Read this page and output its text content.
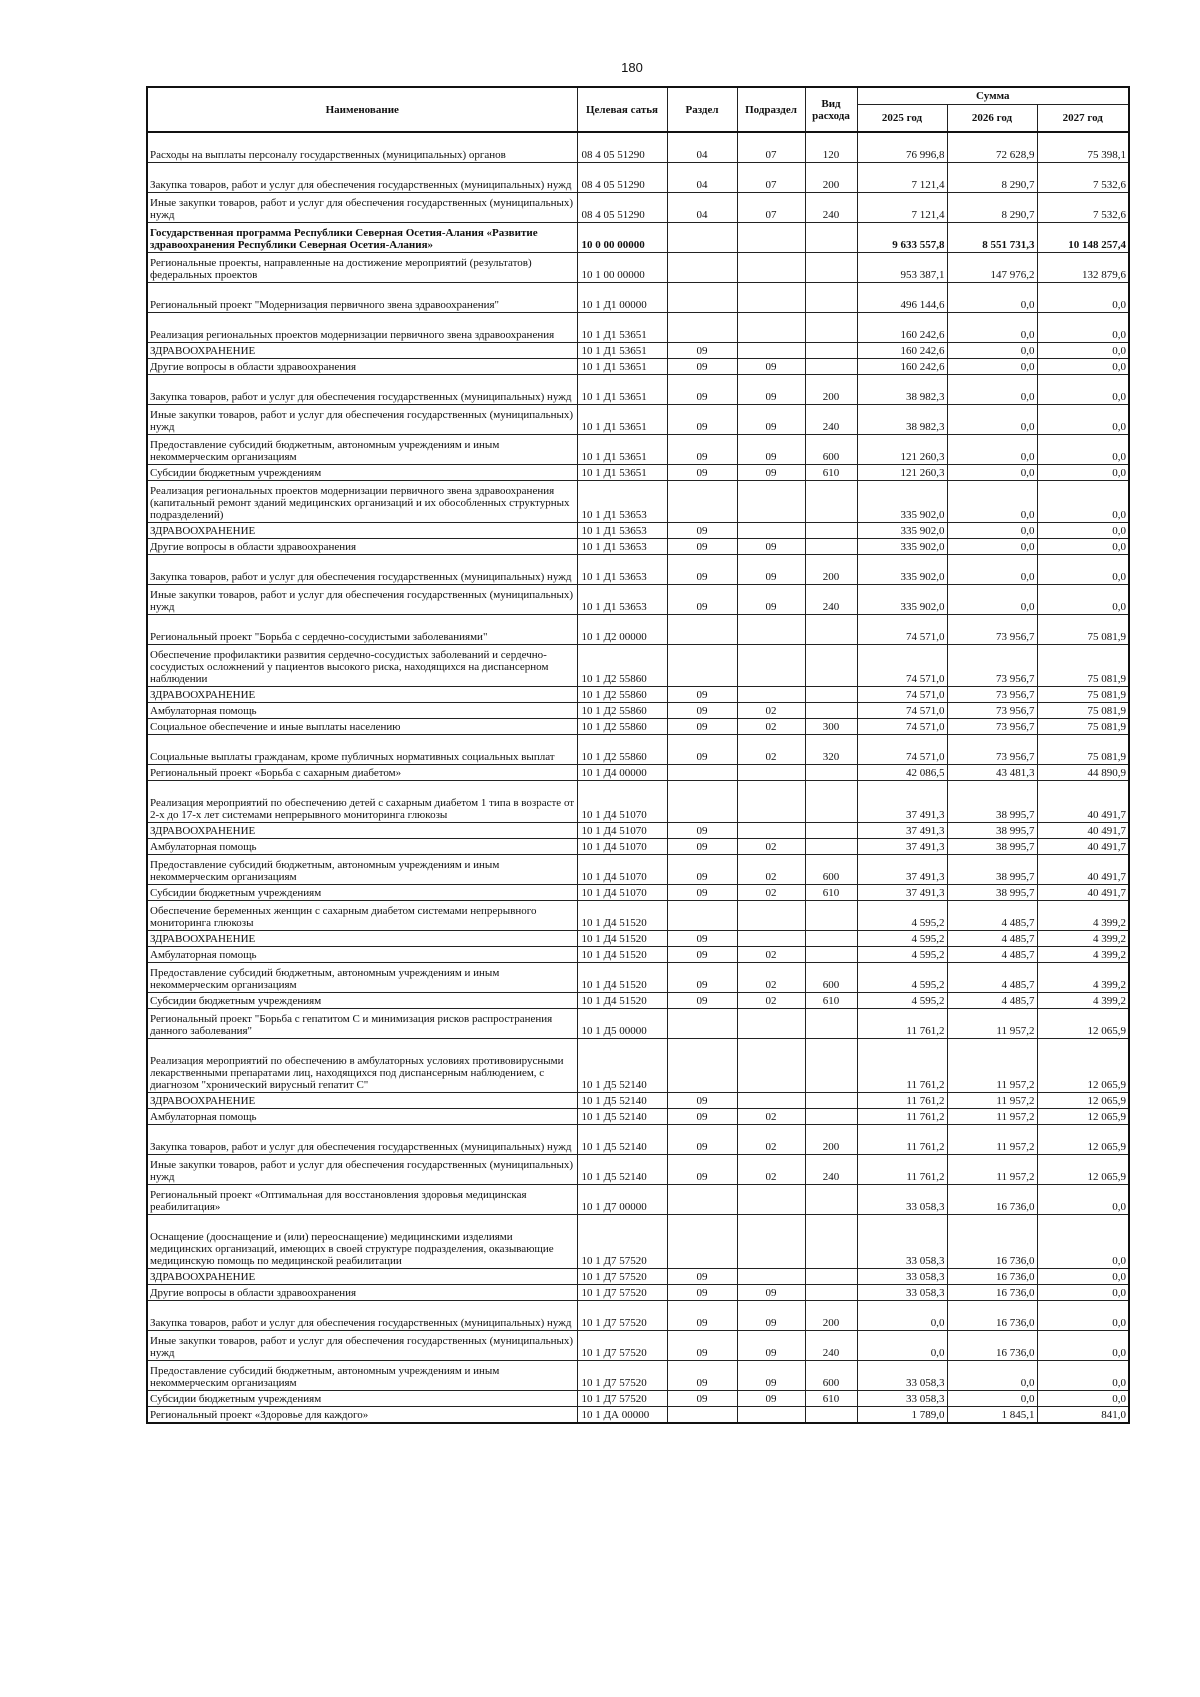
180
Наименование	Целевая сатья	Раздел	Подраздел	Вид расхода	Сумма		
					2025 год	2026 год	2027 год
Расходы на выплаты персоналу государственных (муниципальных) органов	08 4 05 51290	04	07	120	76 996,8	72 628,9	75 398,1
Закупка товаров, работ и услуг для обеспечения государственных (муниципальных) нужд	08 4 05 51290	04	07	200	7 121,4	8 290,7	7 532,6
Иные закупки товаров, работ и услуг для обеспечения государственных (муниципальных) нужд	08 4 05 51290	04	07	240	7 121,4	8 290,7	7 532,6
Государственная программа Республики Северная Осетия-Алания «Развитие здравоохранения Республики Северная Осетия-Алания»	10 0 00 00000				9 633 557,8	8 551 731,3	10 148 257,4
Региональные проекты, направленные на достижение мероприятий (результатов) федеральных проектов	10 1 00 00000				953 387,1	147 976,2	132 879,6
Региональный проект "Модернизация первичного звена здравоохранения"	10 1 Д1 00000				496 144,6	0,0	0,0
Реализация региональных проектов модернизации первичного звена здравоохранения	10 1 Д1 53651				160 242,6	0,0	0,0
ЗДРАВООХРАНЕНИЕ	10 1 Д1 53651	09			160 242,6	0,0	0,0
Другие вопросы в области здравоохранения	10 1 Д1 53651	09	09		160 242,6	0,0	0,0
Закупка товаров, работ и услуг для обеспечения государственных (муниципальных) нужд	10 1 Д1 53651	09	09	200	38 982,3	0,0	0,0
Иные закупки товаров, работ и услуг для обеспечения государственных (муниципальных) нужд	10 1 Д1 53651	09	09	240	38 982,3	0,0	0,0
Предоставление субсидий бюджетным, автономным учреждениям и иным некоммерческим организациям	10 1 Д1 53651	09	09	600	121 260,3	0,0	0,0
Субсидии бюджетным учреждениям	10 1 Д1 53651	09	09	610	121 260,3	0,0	0,0
Реализация региональных проектов модернизации первичного звена здравоохранения (капитальный ремонт зданий медицинских организаций и их обособленных структурных подразделений)	10 1 Д1 53653				335 902,0	0,0	0,0
ЗДРАВООХРАНЕНИЕ	10 1 Д1 53653	09			335 902,0	0,0	0,0
Другие вопросы в области здравоохранения	10 1 Д1 53653	09	09		335 902,0	0,0	0,0
Закупка товаров, работ и услуг для обеспечения государственных (муниципальных) нужд	10 1 Д1 53653	09	09	200	335 902,0	0,0	0,0
Иные закупки товаров, работ и услуг для обеспечения государственных (муниципальных) нужд	10 1 Д1 53653	09	09	240	335 902,0	0,0	0,0
Региональный проект "Борьба с сердечно-сосудистыми заболеваниями"	10 1 Д2 00000				74 571,0	73 956,7	75 081,9
Обеспечение профилактики развития сердечно-сосудистых заболеваний и сердечно-сосудистых осложнений у пациентов высокого риска, находящихся на диспансерном наблюдении	10 1 Д2 55860				74 571,0	73 956,7	75 081,9
ЗДРАВООХРАНЕНИЕ	10 1 Д2 55860	09			74 571,0	73 956,7	75 081,9
Амбулаторная помощь	10 1 Д2 55860	09	02		74 571,0	73 956,7	75 081,9
Социальное обеспечение и иные выплаты населению	10 1 Д2 55860	09	02	300	74 571,0	73 956,7	75 081,9
Социальные выплаты гражданам, кроме публичных нормативных социальных выплат	10 1 Д2 55860	09	02	320	74 571,0	73 956,7	75 081,9
Региональный проект «Борьба с сахарным диабетом»	10 1 Д4 00000				42 086,5	43 481,3	44 890,9
Реализация мероприятий по обеспечению детей с сахарным диабетом 1 типа в возрасте от 2-х до 17-х лет системами непрерывного мониторинга глюкозы	10 1 Д4 51070				37 491,3	38 995,7	40 491,7
ЗДРАВООХРАНЕНИЕ	10 1 Д4 51070	09			37 491,3	38 995,7	40 491,7
Амбулаторная помощь	10 1 Д4 51070	09	02		37 491,3	38 995,7	40 491,7
Предоставление субсидий бюджетным, автономным учреждениям и иным некоммерческим организациям	10 1 Д4 51070	09	02	600	37 491,3	38 995,7	40 491,7
Субсидии бюджетным учреждениям	10 1 Д4 51070	09	02	610	37 491,3	38 995,7	40 491,7
Обеспечение беременных женщин с сахарным диабетом системами непрерывного мониторинга глюкозы	10 1 Д4 51520				4 595,2	4 485,7	4 399,2
ЗДРАВООХРАНЕНИЕ	10 1 Д4 51520	09			4 595,2	4 485,7	4 399,2
Амбулаторная помощь	10 1 Д4 51520	09	02		4 595,2	4 485,7	4 399,2
Предоставление субсидий бюджетным, автономным учреждениям и иным некоммерческим организациям	10 1 Д4 51520	09	02	600	4 595,2	4 485,7	4 399,2
Субсидии бюджетным учреждениям	10 1 Д4 51520	09	02	610	4 595,2	4 485,7	4 399,2
Региональный проект "Борьба с гепатитом С и минимизация рисков распространения данного заболевания"	10 1 Д5 00000				11 761,2	11 957,2	12 065,9
Реализация мероприятий по обеспечению в амбулаторных условиях противовирусными лекарственными препаратами лиц, находящихся под диспансерным наблюдением, с диагнозом "хронический вирусный гепатит С"	10 1 Д5 52140				11 761,2	11 957,2	12 065,9
ЗДРАВООХРАНЕНИЕ	10 1 Д5 52140	09			11 761,2	11 957,2	12 065,9
Амбулаторная помощь	10 1 Д5 52140	09	02		11 761,2	11 957,2	12 065,9
Закупка товаров, работ и услуг для обеспечения государственных (муниципальных) нужд	10 1 Д5 52140	09	02	200	11 761,2	11 957,2	12 065,9
Иные закупки товаров, работ и услуг для обеспечения государственных (муниципальных) нужд	10 1 Д5 52140	09	02	240	11 761,2	11 957,2	12 065,9
Региональный проект «Оптимальная для восстановления здоровья медицинская реабилитация»	10 1 Д7 00000				33 058,3	16 736,0	0,0
Оснащение (дооснащение и (или) переоснащение) медицинскими изделиями медицинских организаций, имеющих в своей структуре подразделения, оказывающие медицинскую помощь по медицинской реабилитации	10 1 Д7 57520				33 058,3	16 736,0	0,0
ЗДРАВООХРАНЕНИЕ	10 1 Д7 57520	09			33 058,3	16 736,0	0,0
Другие вопросы в области здравоохранения	10 1 Д7 57520	09	09		33 058,3	16 736,0	0,0
Закупка товаров, работ и услуг для обеспечения государственных (муниципальных) нужд	10 1 Д7 57520	09	09	200	0,0	16 736,0	0,0
Иные закупки товаров, работ и услуг для обеспечения государственных (муниципальных) нужд	10 1 Д7 57520	09	09	240	0,0	16 736,0	0,0
Предоставление субсидий бюджетным, автономным учреждениям и иным некоммерческим организациям	10 1 Д7 57520	09	09	600	33 058,3	0,0	0,0
Субсидии бюджетным учреждениям	10 1 Д7 57520	09	09	610	33 058,3	0,0	0,0
Региональный проект «Здоровье для каждого»	10 1 ДА 00000				1 789,0	1 845,1	841,0
